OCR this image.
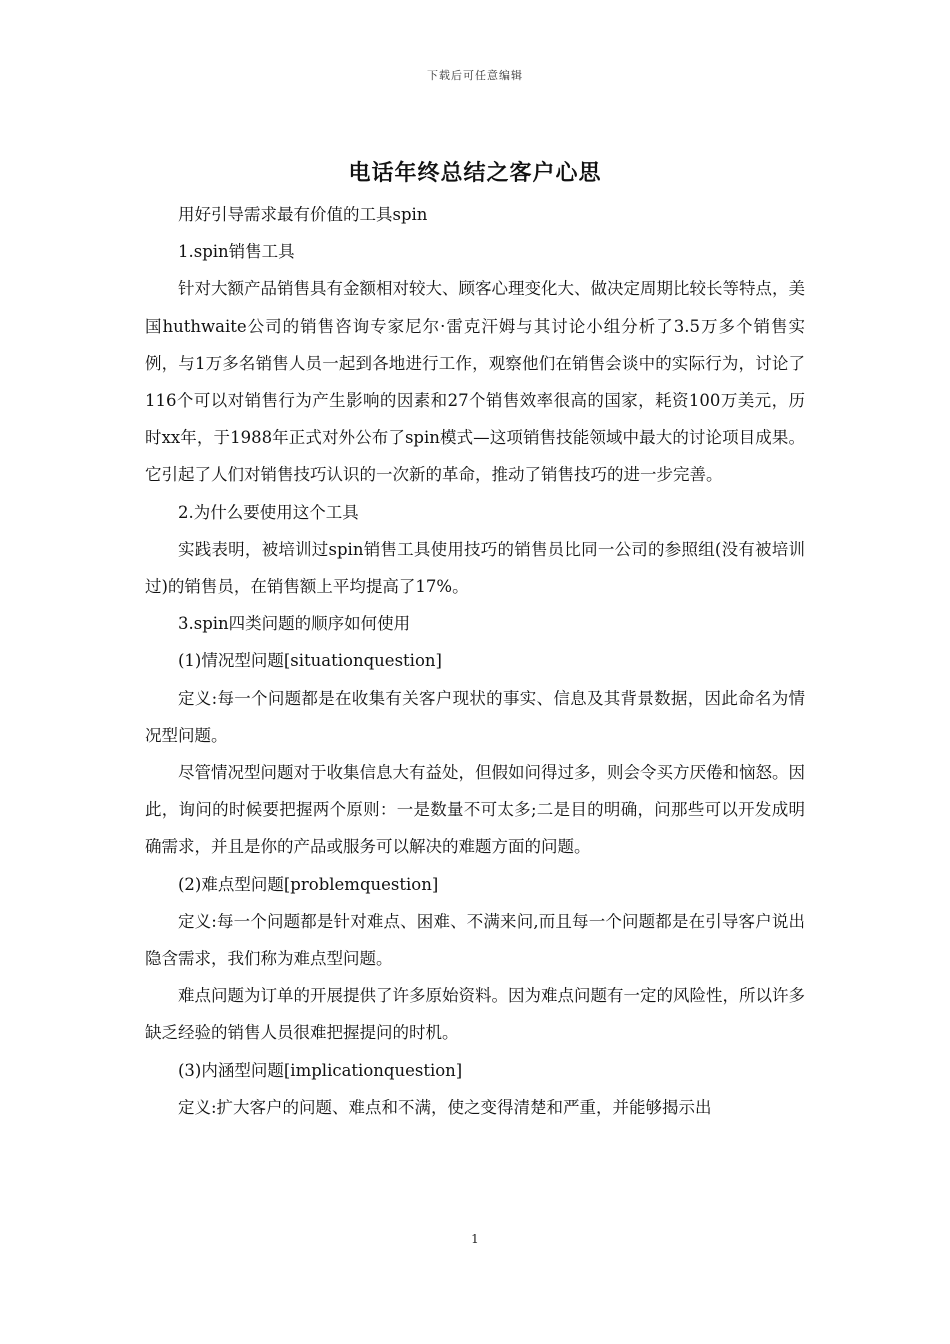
下载后可任意编辑
电话年终总结之客户心思

用好引导需求最有价值的工具spin

1.spin销售工具

针对大额产品销售具有金额相对较大、顾客心理变化大、做决定周期比较长等特点，美国huthwaite公司的销售咨询专家尼尔·雷克汗姆与其讨论小组分析了3.5万多个销售实例，与1万多名销售人员一起到各地进行工作，观察他们在销售会谈中的实际行为，讨论了116个可以对销售行为产生影响的因素和27个销售效率很高的国家，耗资100万美元，历时xx年，于1988年正式对外公布了spin模式—这项销售技能领域中最大的讨论项目成果。它引起了人们对销售技巧认识的一次新的革命，推动了销售技巧的进一步完善。

2.为什么要使用这个工具

实践表明，被培训过spin销售工具使用技巧的销售员比同一公司的参照组(没有被培训过)的销售员，在销售额上平均提高了17%。

3.spin四类问题的顺序如何使用

(1)情况型问题[situationquestion]

定义:每一个问题都是在收集有关客户现状的事实、信息及其背景数据，因此命名为情况型问题。

尽管情况型问题对于收集信息大有益处，但假如问得过多，则会令买方厌倦和恼怒。因此，询问的时候要把握两个原则：一是数量不可太多;二是目的明确，问那些可以开发成明确需求，并且是你的产品或服务可以解决的难题方面的问题。

(2)难点型问题[problemquestion]

定义:每一个问题都是针对难点、困难、不满来问,而且每一个问题都是在引导客户说出隐含需求，我们称为难点型问题。

难点问题为订单的开展提供了许多原始资料。因为难点问题有一定的风险性，所以许多缺乏经验的销售人员很难把握提问的时机。

(3)内涵型问题[implicationquestion]

定义:扩大客户的问题、难点和不满，使之变得清楚和严重，并能够揭示出

1
